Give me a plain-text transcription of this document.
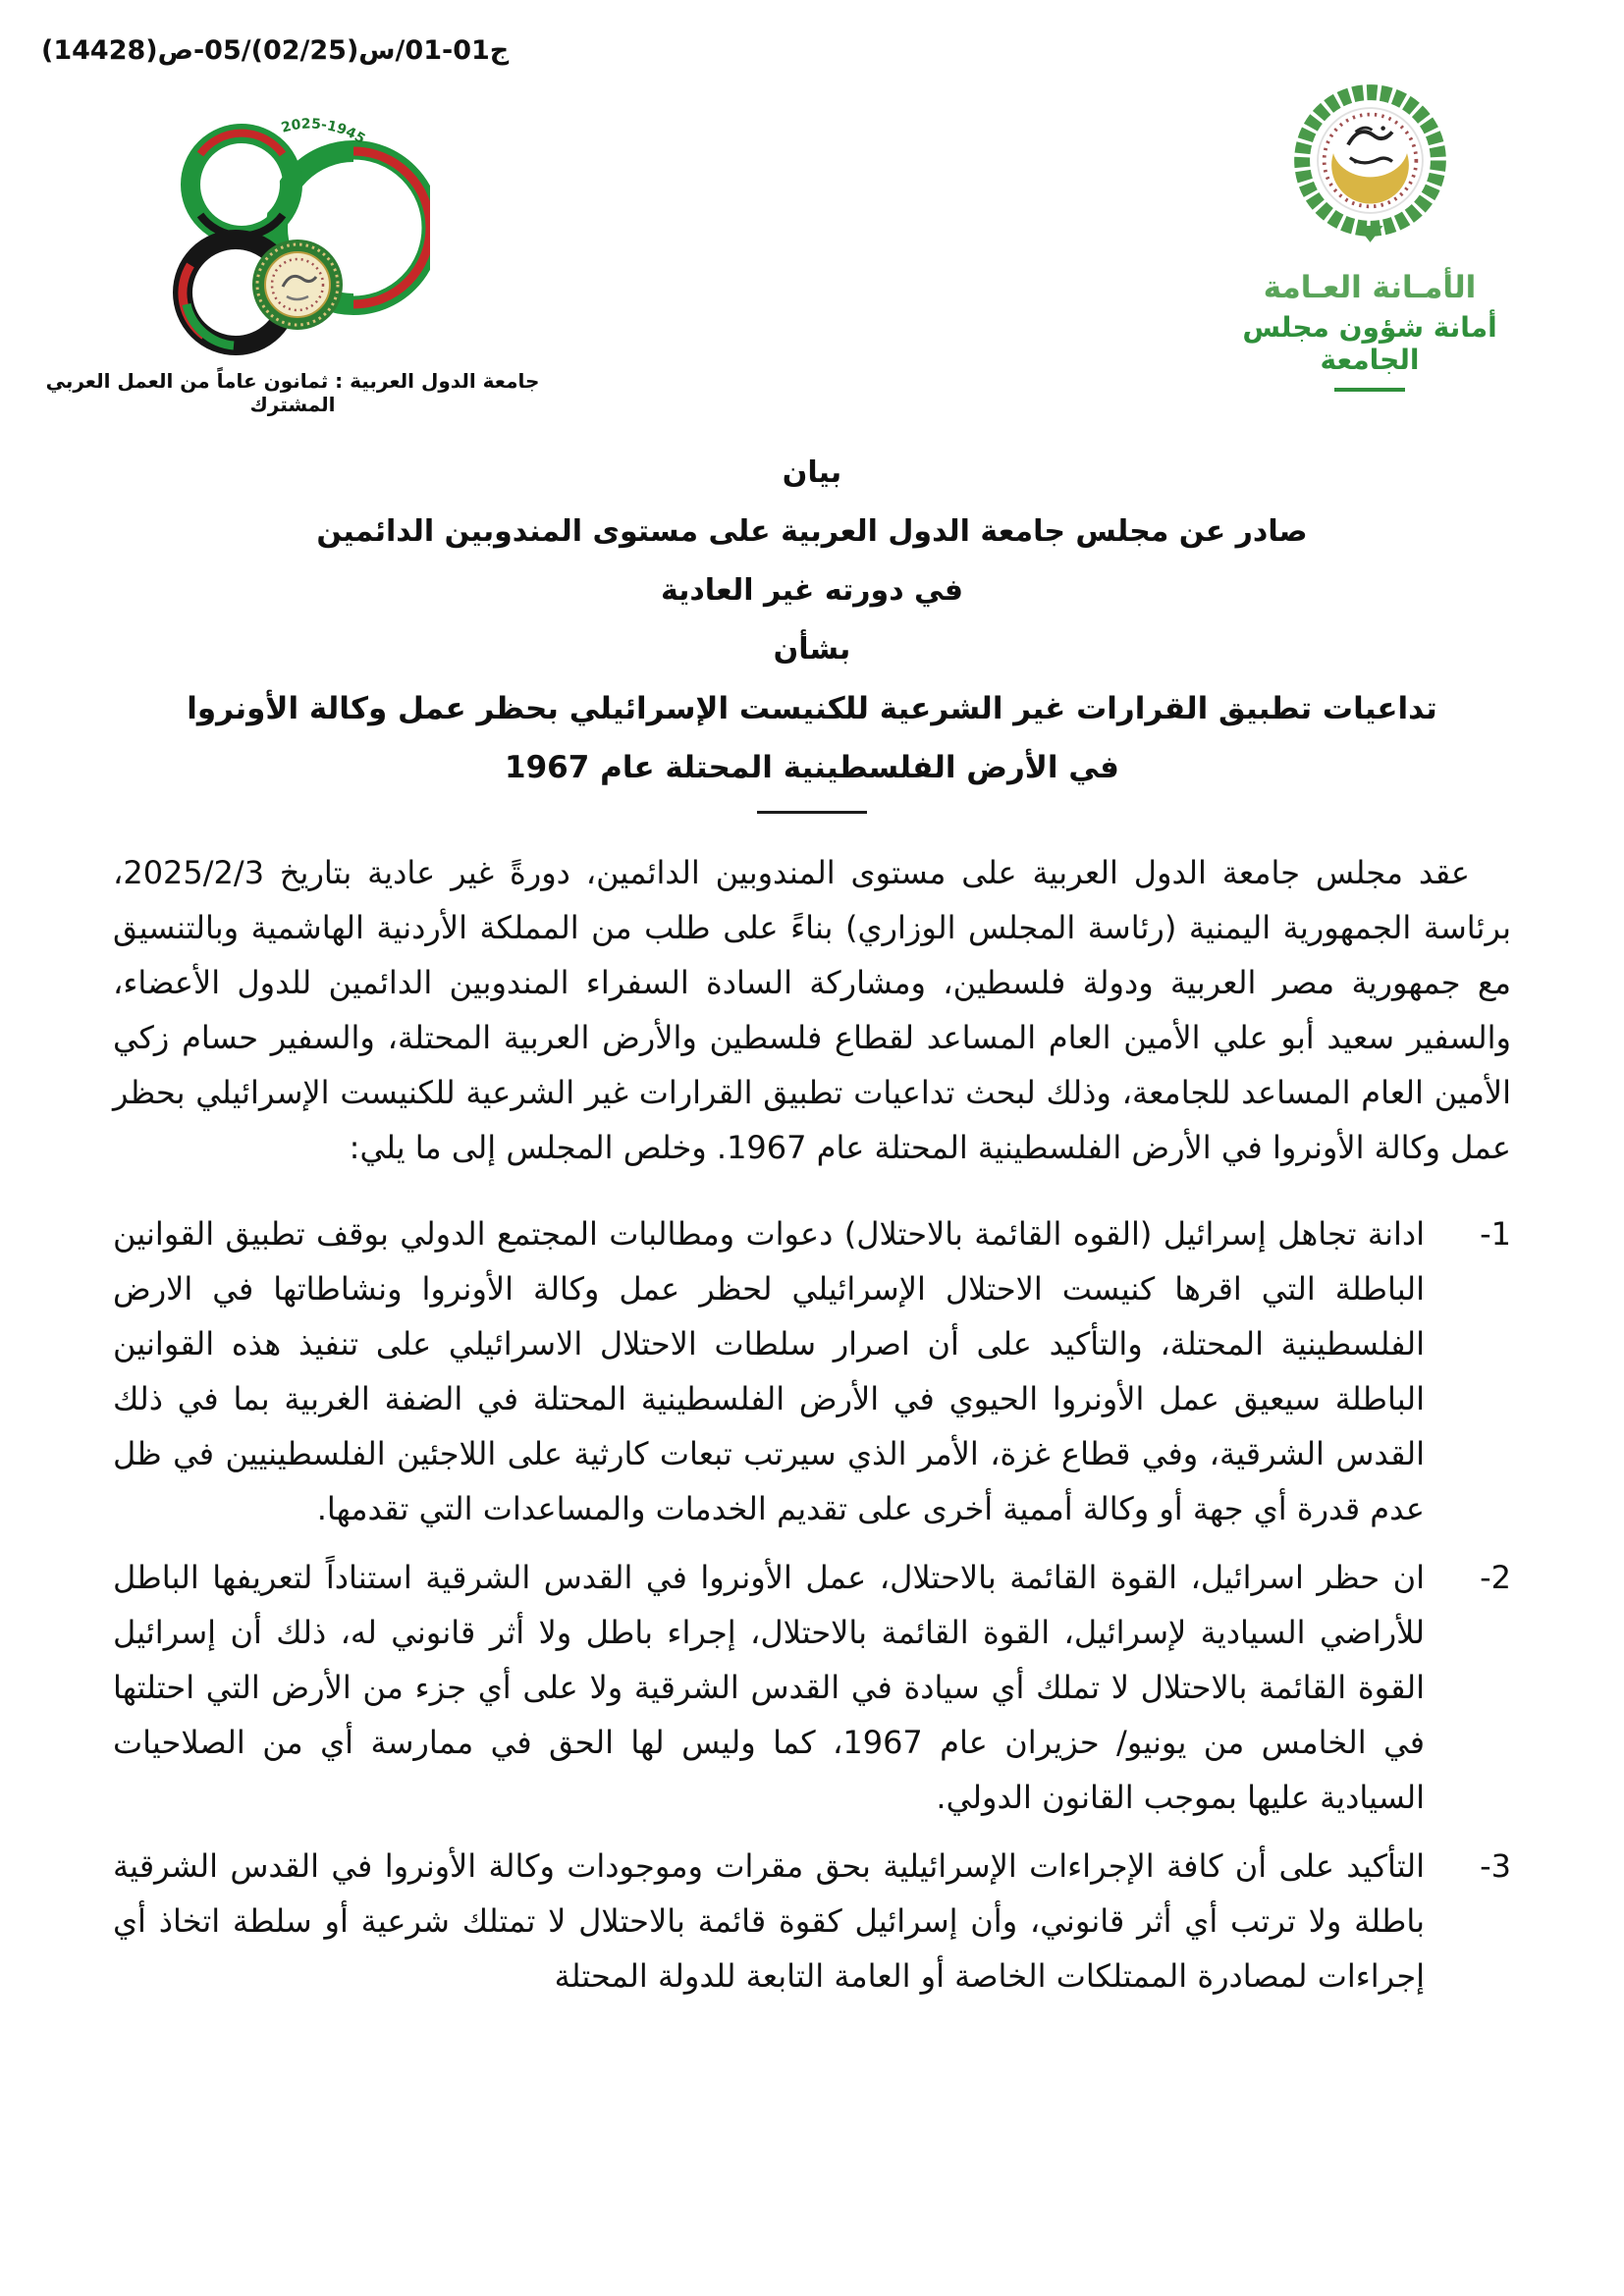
ج01-01/س(02/25)/05-ص(14428)
2025-1945
جامعة الدول العربية : ثمانون عاماً من العمل العربي المشترك
الأمـانة العـامة
أمانة شؤون مجلس الجامعة
بيان
صادر عن مجلس جامعة الدول العربية على مستوى المندوبين الدائمين
في دورته غير العادية
بشأن
تداعيات تطبيق القرارات غير الشرعية للكنيست الإسرائيلي بحظر عمل وكالة الأونروا
في الأرض الفلسطينية المحتلة عام 1967

عقد مجلس جامعة الدول العربية على مستوى المندوبين الدائمين، دورةً غير عادية بتاريخ 2025/2/3، برئاسة الجمهورية اليمنية (رئاسة المجلس الوزاري) بناءً على طلب من المملكة الأردنية الهاشمية وبالتنسيق مع جمهورية مصر العربية ودولة فلسطين، ومشاركة السادة السفراء المندوبين الدائمين للدول الأعضاء، والسفير سعيد أبو علي الأمين العام المساعد لقطاع فلسطين والأرض العربية المحتلة، والسفير حسام زكي الأمين العام المساعد للجامعة، وذلك لبحث تداعيات تطبيق القرارات غير الشرعية للكنيست الإسرائيلي بحظر عمل وكالة الأونروا في الأرض الفلسطينية المحتلة عام 1967. وخلص المجلس إلى ما يلي:

-1
ادانة تجاهل إسرائيل (القوه القائمة بالاحتلال) دعوات ومطالبات المجتمع الدولي بوقف تطبيق القوانين الباطلة التي اقرها كنيست الاحتلال الإسرائيلي لحظر عمل وكالة الأونروا ونشاطاتها في الارض الفلسطينية المحتلة، والتأكيد على أن اصرار سلطات الاحتلال الاسرائيلي على تنفيذ هذه القوانين الباطلة سيعيق عمل الأونروا الحيوي في الأرض الفلسطينية المحتلة في الضفة الغربية بما في ذلك القدس الشرقية، وفي قطاع غزة، الأمر الذي سيرتب تبعات كارثية على اللاجئين الفلسطينيين في ظل عدم قدرة أي جهة أو وكالة أممية أخرى على تقديم الخدمات والمساعدات التي تقدمها.
-2
ان حظر اسرائيل، القوة القائمة بالاحتلال، عمل الأونروا في القدس الشرقية استناداً لتعريفها الباطل للأراضي السيادية لإسرائيل، القوة القائمة بالاحتلال، إجراء باطل ولا أثر قانوني له، ذلك أن إسرائيل القوة القائمة بالاحتلال لا تملك أي سيادة في القدس الشرقية ولا على أي جزء من الأرض التي احتلتها في الخامس من يونيو/ حزيران عام 1967، كما وليس لها الحق في ممارسة أي من الصلاحيات السيادية عليها بموجب القانون الدولي.
-3
التأكيد على أن كافة الإجراءات الإسرائيلية بحق مقرات وموجودات وكالة الأونروا في القدس الشرقية باطلة ولا ترتب أي أثر قانوني، وأن إسرائيل كقوة قائمة بالاحتلال لا تمتلك شرعية أو سلطة اتخاذ أي إجراءات لمصادرة الممتلكات الخاصة أو العامة التابعة للدولة المحتلة
